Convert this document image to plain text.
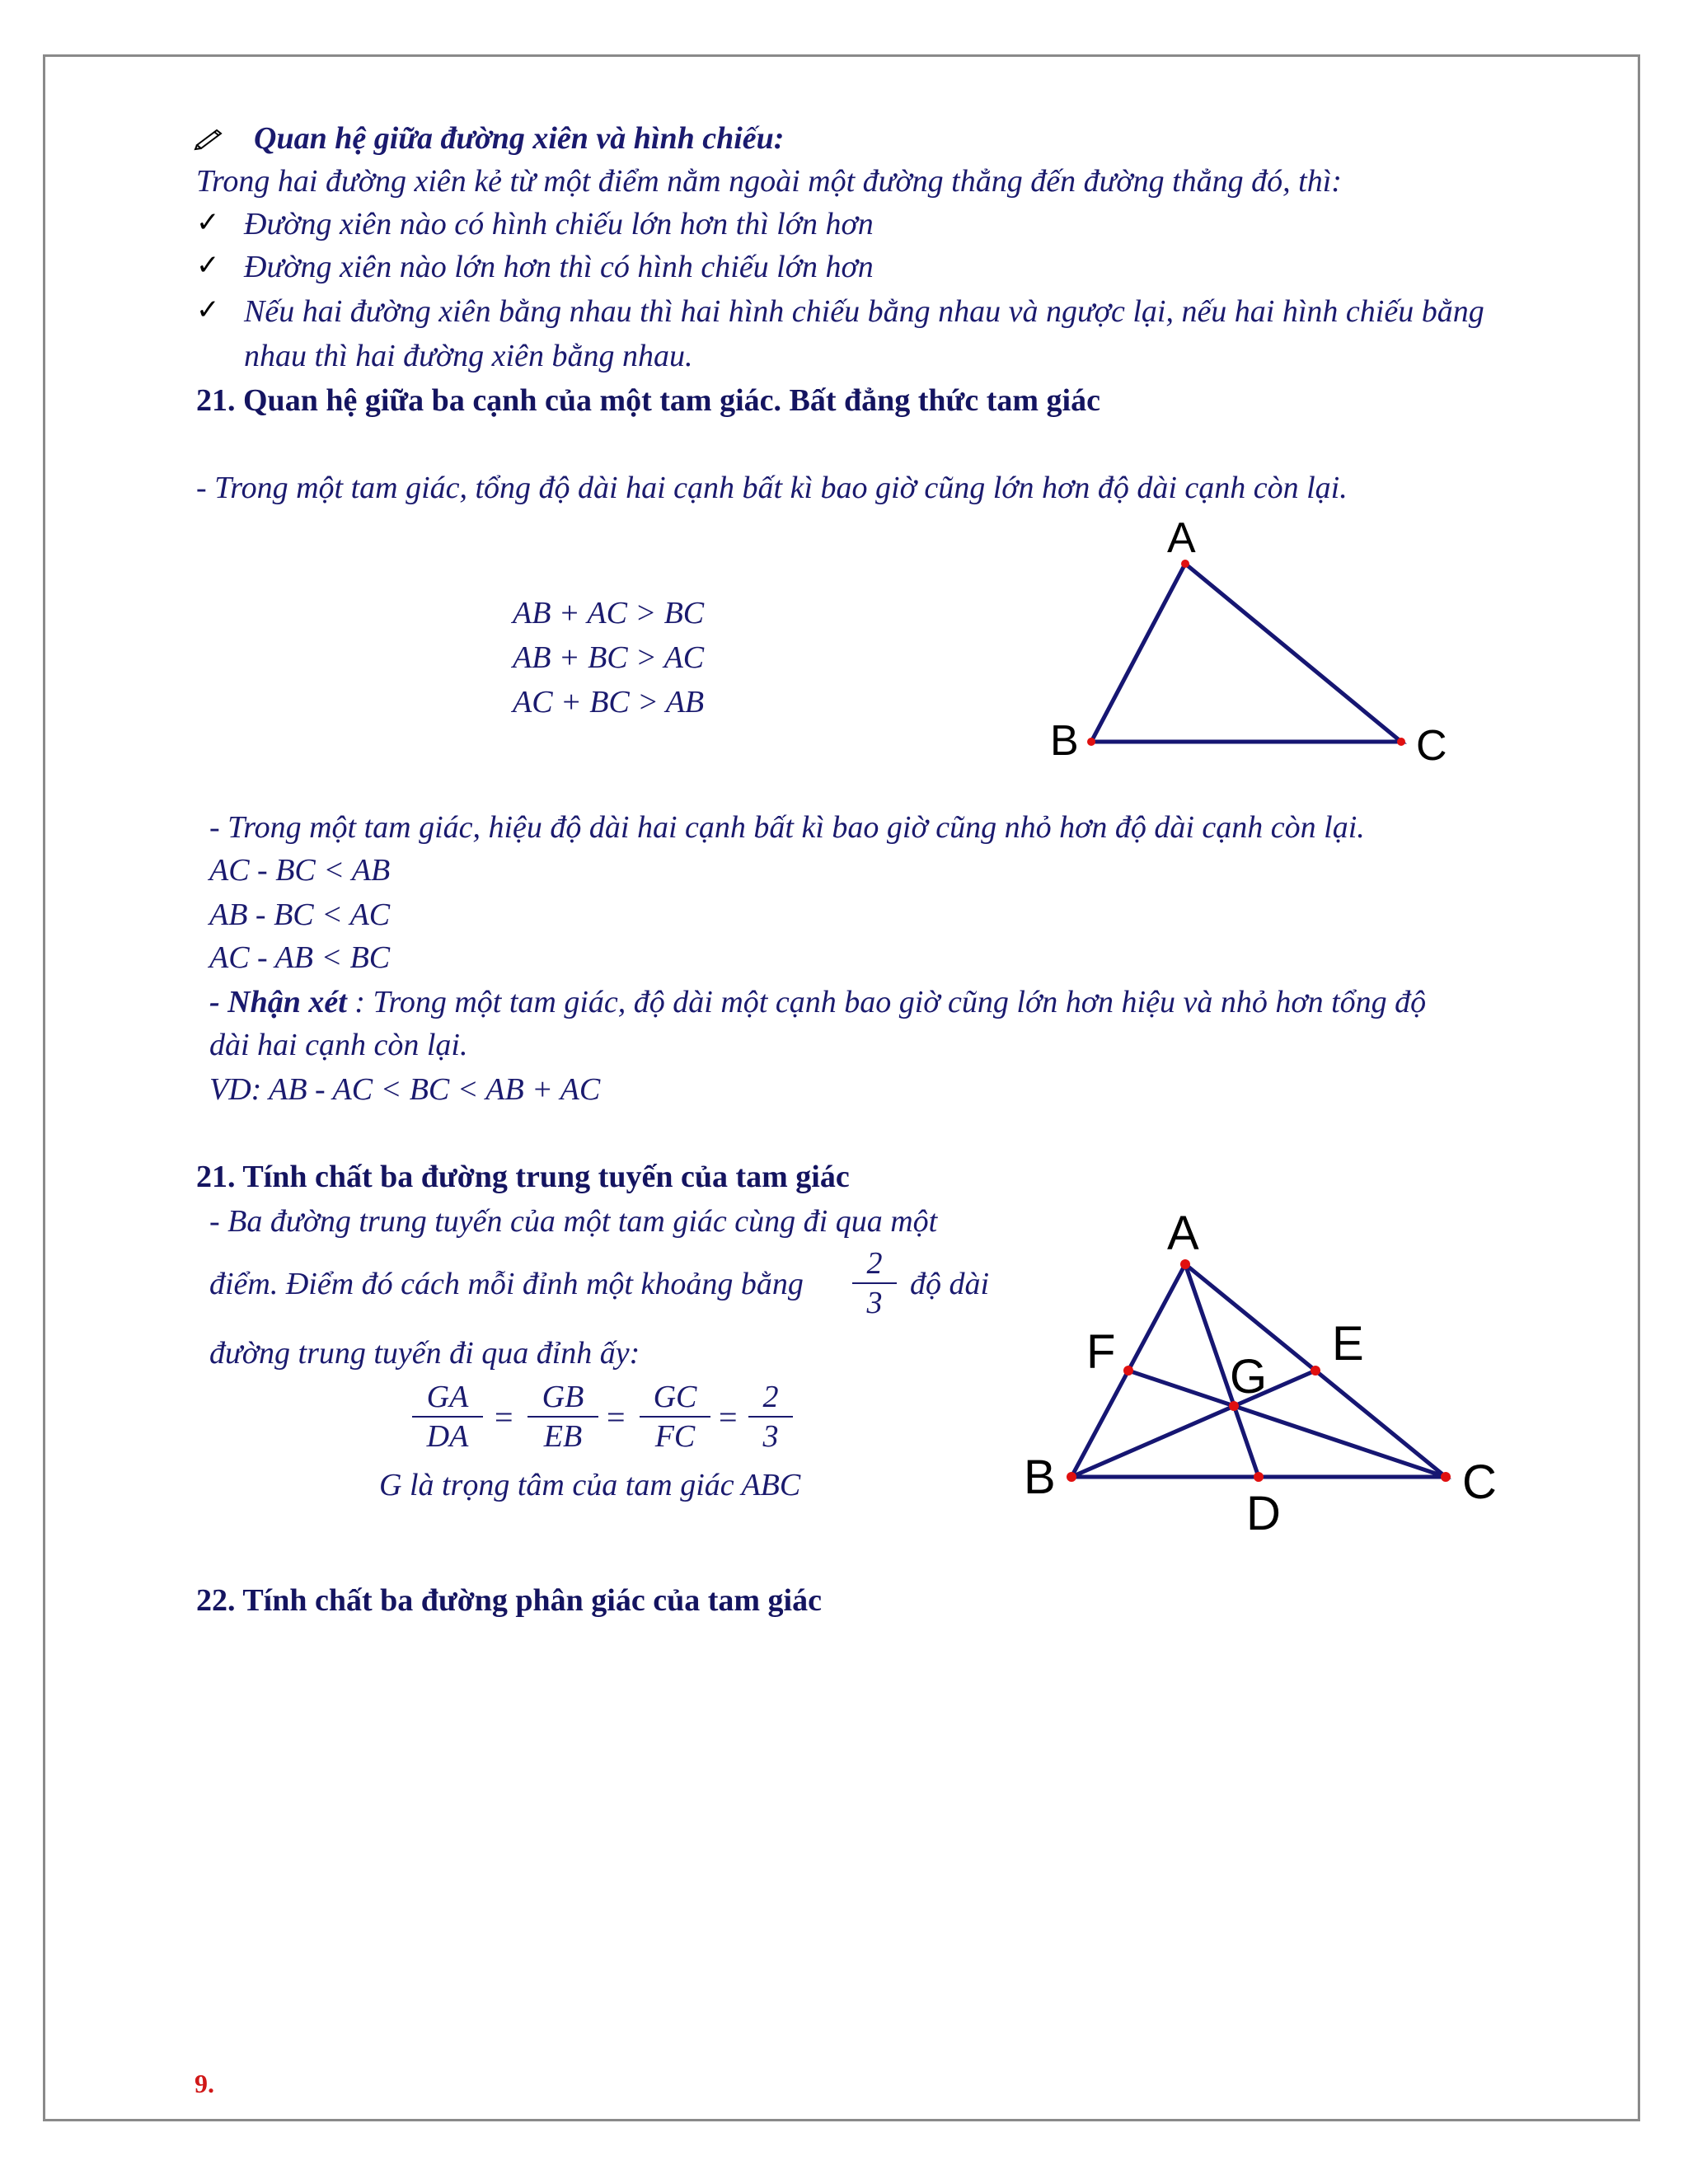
Quan hệ giữa đường xiên và hình chiếu:
Trong hai đường xiên kẻ từ một điểm nằm ngoài một đường thẳng đến đường thẳng đó, thì:
✓ Đường xiên nào có hình chiếu lớn hơn thì lớn hơn
✓ Đường xiên nào lớn hơn thì có hình chiếu lớn hơn
✓ Nếu hai đường xiên bằng nhau thì hai hình chiếu bằng nhau và ngược lại, nếu hai hình chiếu bằng
nhau thì hai đường xiên bằng nhau.
21. Quan hệ giữa ba cạnh của một tam giác. Bất đẳng thức tam giác
- Trong một tam giác, tổng độ dài hai cạnh bất kì bao giờ cũng lớn hơn độ dài cạnh còn lại.
AB + AC > BC
AB + BC > AC
AC + BC > AB
A
B	C
- Trong một tam giác, hiệu độ dài hai cạnh bất kì bao giờ cũng nhỏ hơn độ dài cạnh còn lại.
AC - BC < AB
AB - BC < AC
AC - AB < BC
- Nhận xét : Trong một tam giác, độ dài một cạnh bao giờ cũng lớn hơn hiệu và nhỏ hơn tổng độ
dài hai cạnh còn lại.
VD: AB - AC < BC < AB + AC
21. Tính chất ba đường trung tuyến của tam giác
- Ba đường trung tuyến của một tam giác cùng đi qua một
điểm. Điểm đó cách mỗi đỉnh một khoảng bằng
2
3
độ dài
đường trung tuyến đi qua đỉnh ấy:
GA
DA
=
GB
EB
=
GC
FC
=
2
3
G là trọng tâm của tam giác ABC
A
B	C
D
E
F G
22. Tính chất ba đường phân giác của tam giác
9.
